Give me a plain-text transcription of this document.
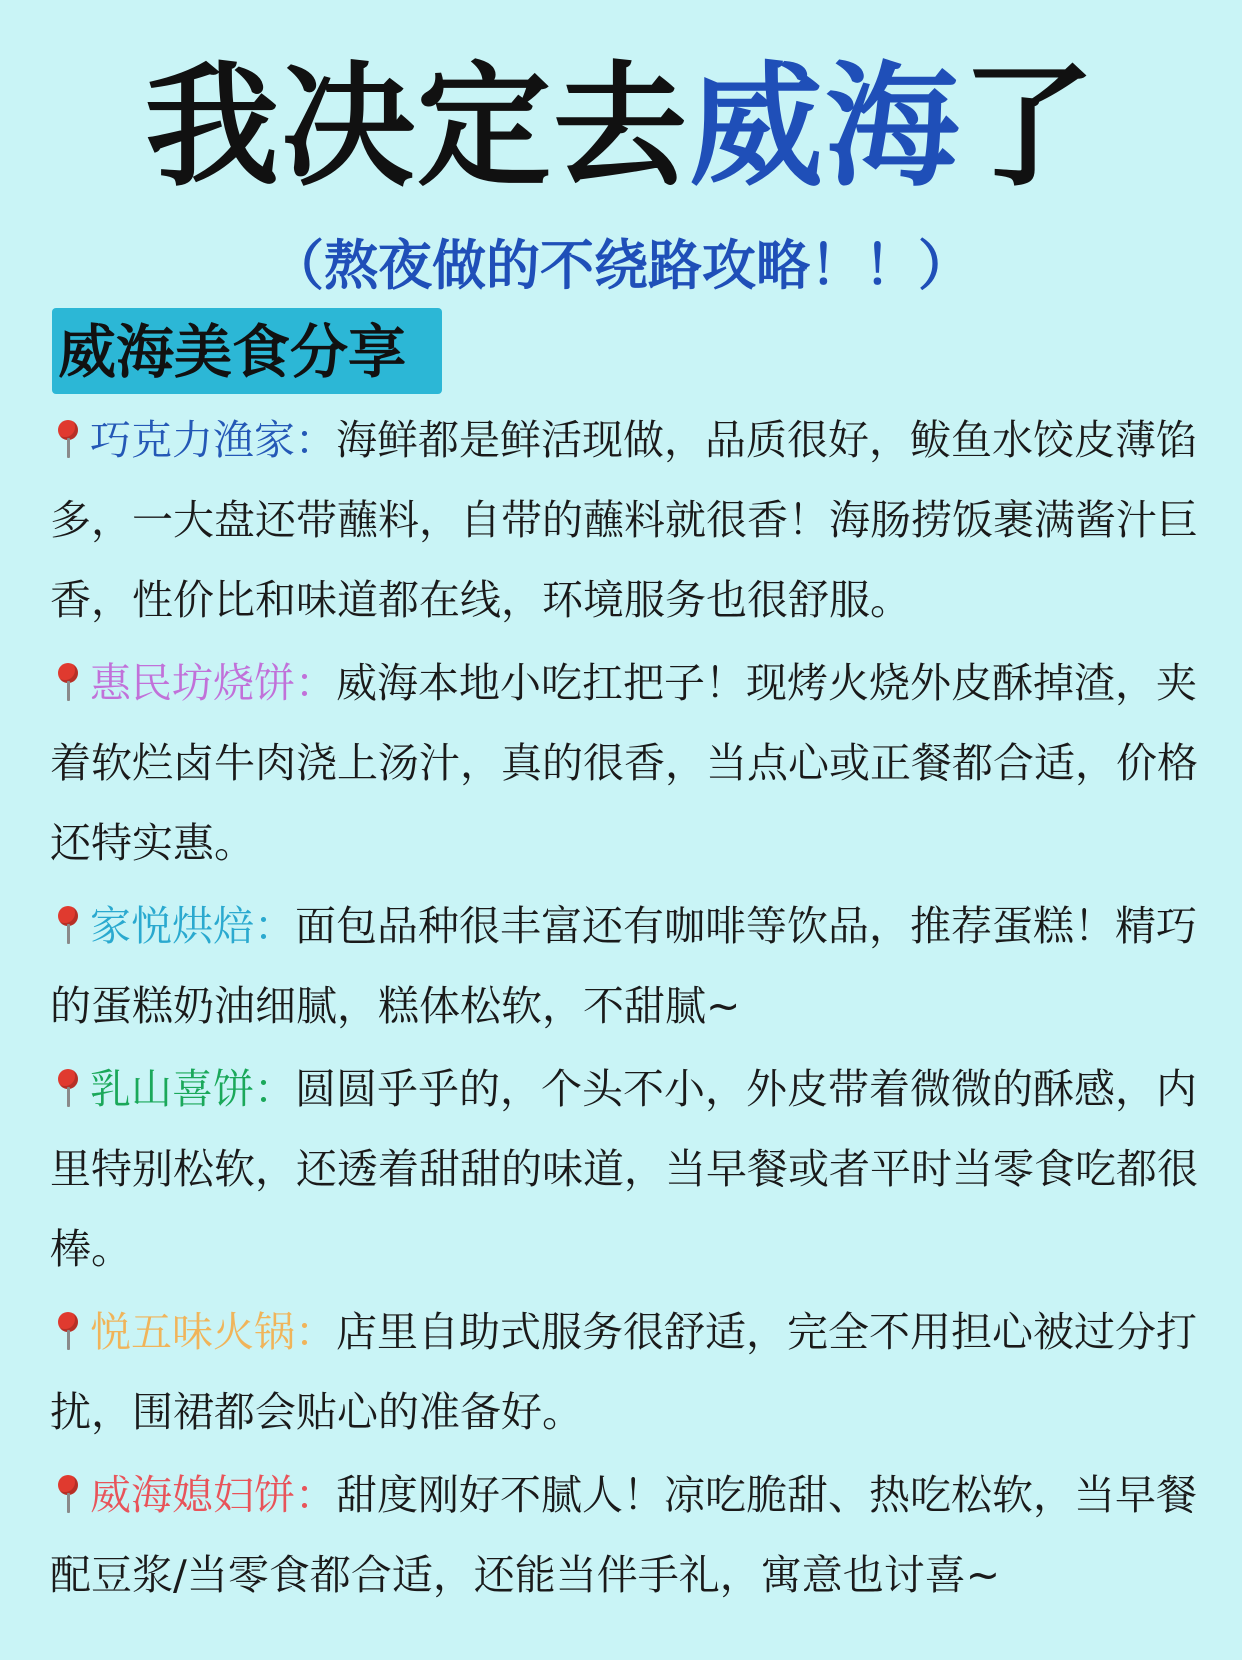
我决定去威海了
（熬夜做的不绕路攻略！！）
威海美食分享
巧克力渔家：海鲜都是鲜活现做，品质很好，鲅鱼水饺皮薄馅多，一大盘还带蘸料，自带的蘸料就很香！海肠捞饭裹满酱汁巨香，性价比和味道都在线，环境服务也很舒服。
惠民坊烧饼：威海本地小吃扛把子！现烤火烧外皮酥掉渣，夹着软烂卤牛肉浇上汤汁，真的很香，当点心或正餐都合适，价格还特实惠。
家悦烘焙：面包品种很丰富还有咖啡等饮品，推荐蛋糕！精巧的蛋糕奶油细腻，糕体松软，不甜腻~
乳山喜饼：圆圆乎乎的，个头不小，外皮带着微微的酥感，内里特别松软，还透着甜甜的味道，当早餐或者平时当零食吃都很棒。
悦五味火锅：店里自助式服务很舒适，完全不用担心被过分打扰，围裙都会贴心的准备好。
威海媳妇饼：甜度刚好不腻人！凉吃脆甜、热吃松软，当早餐配豆浆/当零食都合适，还能当伴手礼，寓意也讨喜~
